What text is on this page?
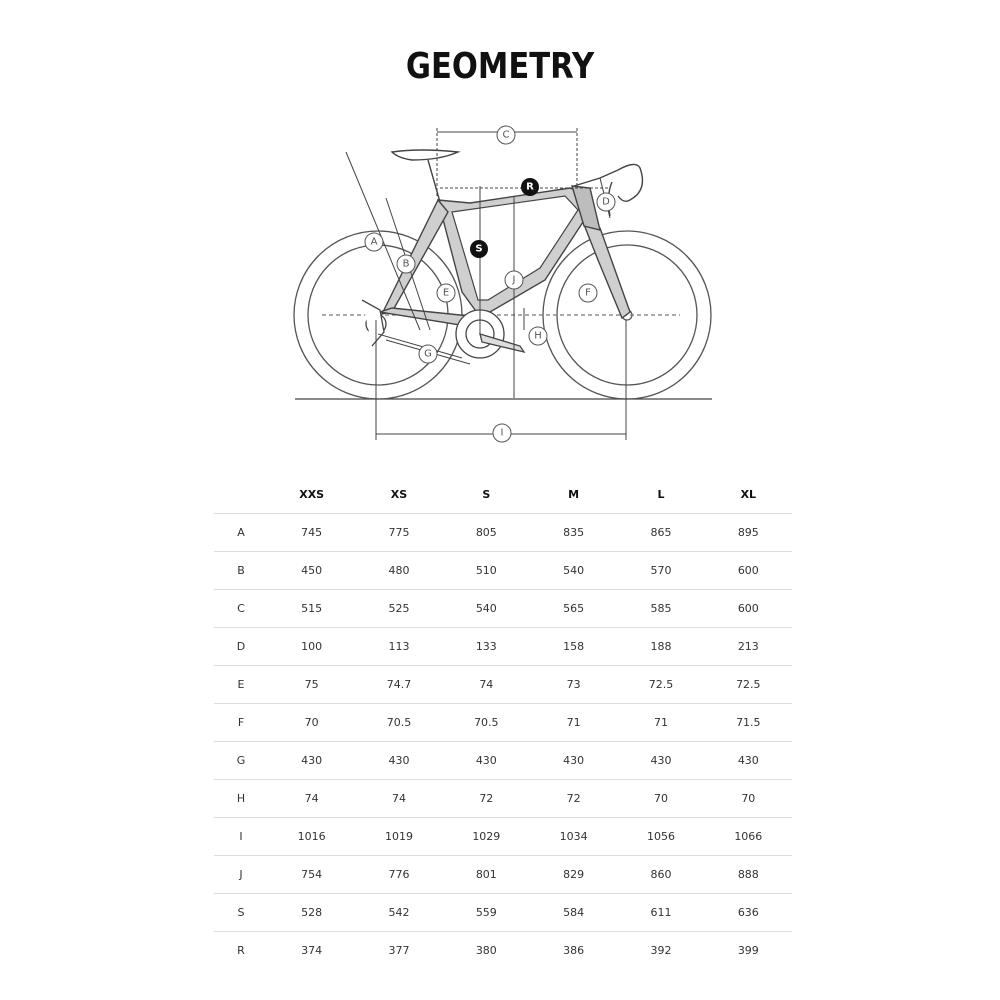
GEOMETRY
C
A
B
E
G
J
H
I
D
F
R
S
	XXS	XS	S	M	L	XL
A	745	775	805	835	865	895
B	450	480	510	540	570	600
C	515	525	540	565	585	600
D	100	113	133	158	188	213
E	75	74.7	74	73	72.5	72.5
F	70	70.5	70.5	71	71	71.5
G	430	430	430	430	430	430
H	74	74	72	72	70	70
I	1016	1019	1029	1034	1056	1066
J	754	776	801	829	860	888
S	528	542	559	584	611	636
R	374	377	380	386	392	399
